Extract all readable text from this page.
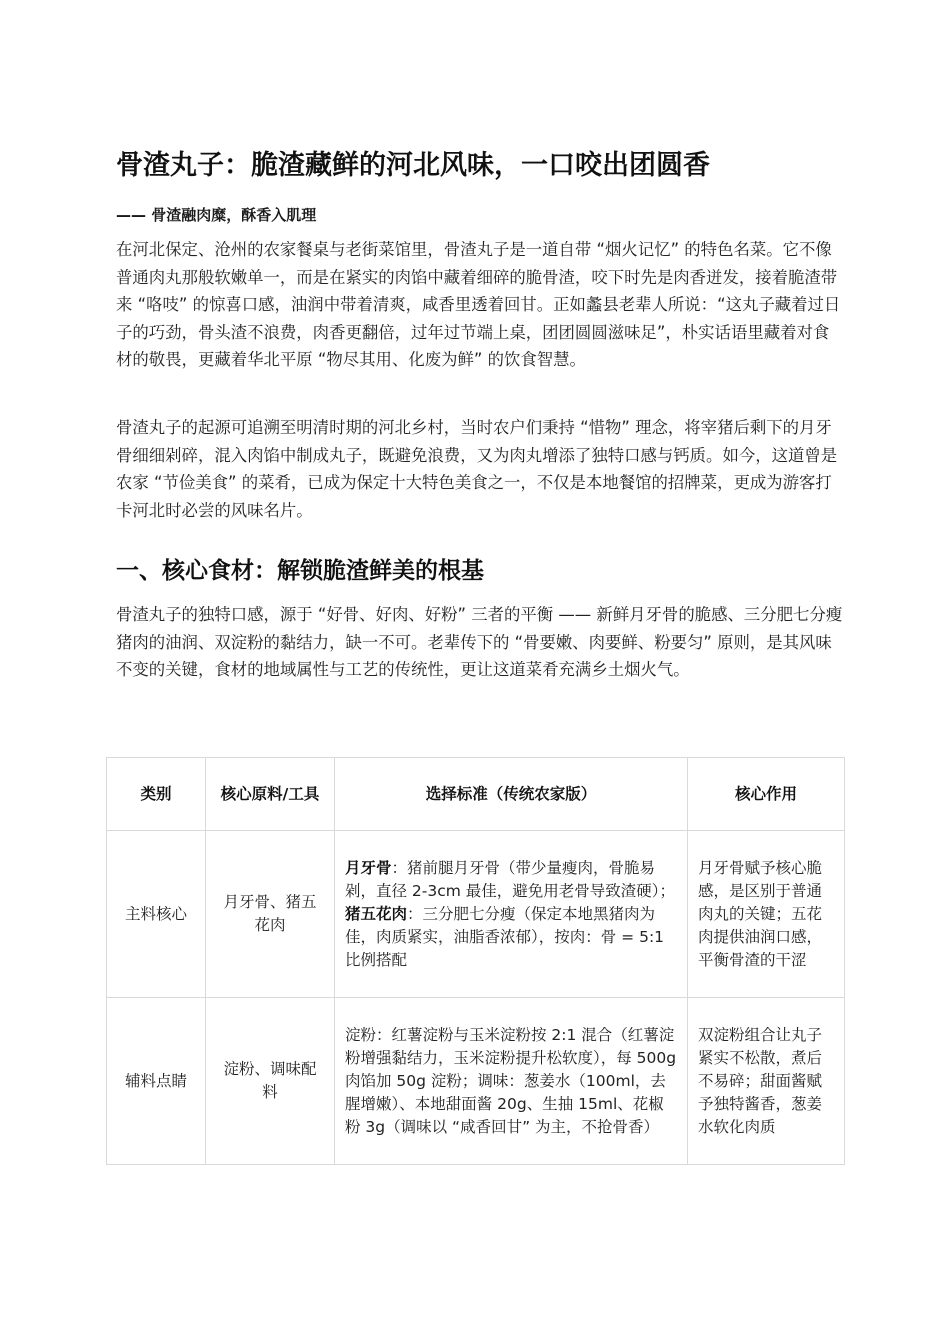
骨渣丸子：脆渣藏鲜的河北风味，一口咬出团圆香

—— 骨渣融肉糜，酥香入肌理

在河北保定、沧州的农家餐桌与老街菜馆里，骨渣丸子是一道自带 “烟火记忆” 的特色名菜。它不像普通肉丸那般软嫩单一，而是在紧实的肉馅中藏着细碎的脆骨渣，咬下时先是肉香迸发，接着脆渣带来 “咯吱” 的惊喜口感，油润中带着清爽，咸香里透着回甘。正如蠡县老辈人所说：“这丸子藏着过日子的巧劲，骨头渣不浪费，肉香更翻倍，过年过节端上桌，团团圆圆滋味足”，朴实话语里藏着对食材的敬畏，更藏着华北平原 “物尽其用、化废为鲜” 的饮食智慧。

骨渣丸子的起源可追溯至明清时期的河北乡村，当时农户们秉持 “惜物” 理念，将宰猪后剩下的月牙骨细细剁碎，混入肉馅中制成丸子，既避免浪费，又为肉丸增添了独特口感与钙质。如今，这道曾是农家 “节俭美食” 的菜肴，已成为保定十大特色美食之一，不仅是本地餐馆的招牌菜，更成为游客打卡河北时必尝的风味名片。

一、核心食材：解锁脆渣鲜美的根基

骨渣丸子的独特口感，源于 “好骨、好肉、好粉” 三者的平衡 —— 新鲜月牙骨的脆感、三分肥七分瘦猪肉的油润、双淀粉的黏结力，缺一不可。老辈传下的 “骨要嫩、肉要鲜、粉要匀” 原则，是其风味不变的关键，食材的地域属性与工艺的传统性，更让这道菜肴充满乡土烟火气。

类别	核心原料/工具	选择标准（传统农家版）	核心作用
主料核心	月牙骨、猪五花肉	月牙骨：猪前腿月牙骨（带少量瘦肉，骨脆易剁，直径 2-3cm 最佳，避免用老骨导致渣硬）；猪五花肉：三分肥七分瘦（保定本地黑猪肉为佳，肉质紧实，油脂香浓郁），按肉：骨 = 5:1 比例搭配	月牙骨赋予核心脆感，是区别于普通肉丸的关键；五花肉提供油润口感，平衡骨渣的干涩
辅料点睛	淀粉、调味配料	淀粉：红薯淀粉与玉米淀粉按 2:1 混合（红薯淀粉增强黏结力，玉米淀粉提升松软度），每 500g 肉馅加 50g 淀粉；调味：葱姜水（100ml，去腥增嫩）、本地甜面酱 20g、生抽 15ml、花椒粉 3g（调味以 “咸香回甘” 为主，不抢骨香）	双淀粉组合让丸子紧实不松散，煮后不易碎；甜面酱赋予独特酱香，葱姜水软化肉质
